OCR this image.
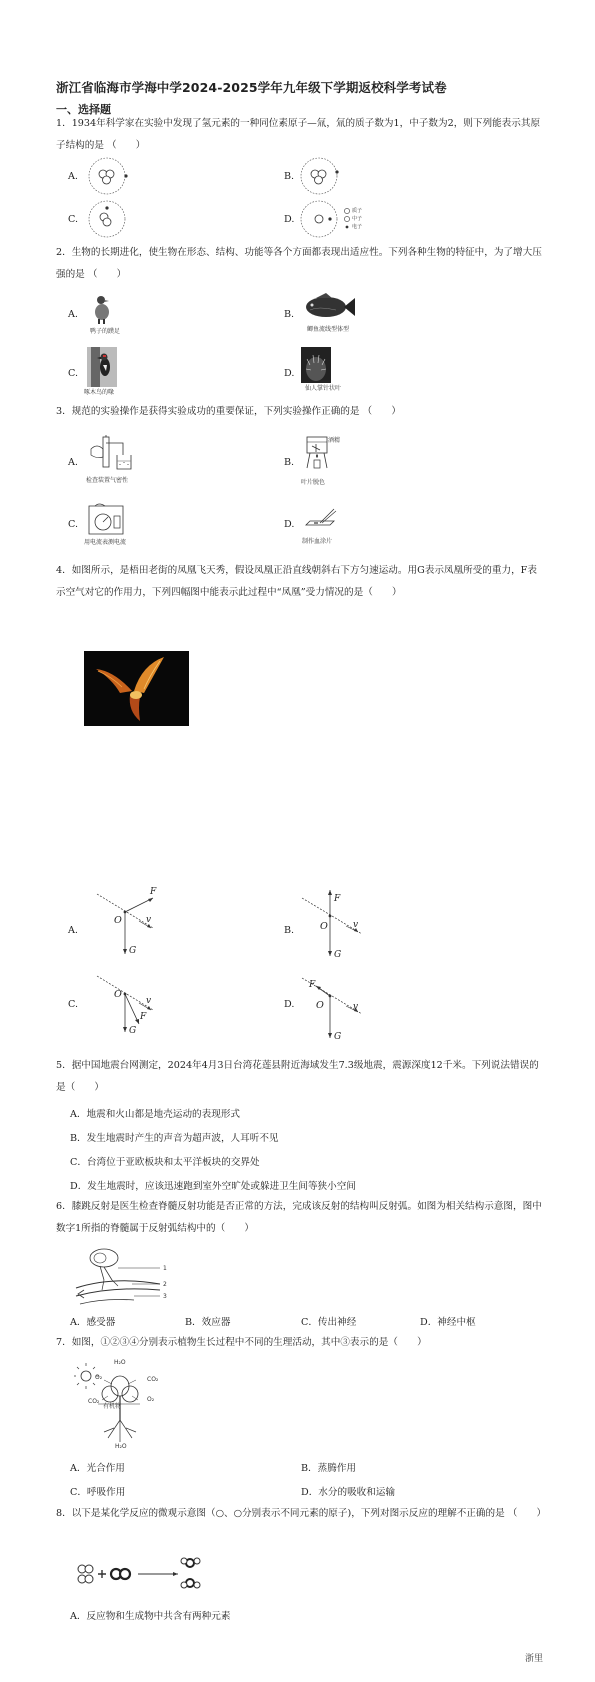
浙江省临海市学海中学2024-2025学年九年级下学期返校科学考试卷
一、选择题
1．1934年科学家在实验中发现了氢元素的一种同位素原子—氚，氚的质子数为1，中子数为2，则下列能表示其原子结构的是 （　　）
A.	B.
C.	D.
质子
中子
电子
2．生物的长期进化，使生物在形态、结构、功能等各个方面都表现出适应性。下列各种生物的特征中，为了增大压强的是 （　　）
A.
鸭子的蹼足
B.
鲫鱼流线型体型
C.
啄木鸟的喙
D.
仙人掌针状叶
3．规范的实验操作是获得实验成功的重要保证，下列实验操作正确的是 （　　）
A.
检查装置气密性
B.
酒精
叶片脱色
C.
用电流表测电流
D.
制作血涂片
4．如图所示，是梧田老街的凤凰飞天秀，假设凤凰正沿直线朝斜右下方匀速运动。用G表示凤凰所受的重力，F表示空气对它的作用力，下列四幅图中能表示此过程中“凤凰”受力情况的是（　　）
A.
O
F
G
v
B.	O
F
G
v
C.
O
F
G
v	D. O
F
G
v
5．据中国地震台网测定，2024年4月3日台湾花莲县附近海域发生7.3级地震，震源深度12千米。下列说法错误的是（　　）
A．地震和火山都是地壳运动的表现形式
B．发生地震时产生的声音为超声波，人耳听不见
C．台湾位于亚欧板块和太平洋板块的交界处
D．发生地震时，应该迅速跑到室外空旷处或躲进卫生间等狭小空间
6．膝跳反射是医生检查脊髓反射功能是否正常的方法，完成该反射的结构叫反射弧。如图为相关结构示意图，图中数字1所指的脊髓属于反射弧结构中的（　　）
1
2
3
A．感受器	B．效应器	C．传出神经	D．神经中枢
7．如图，①②③④分别表示植物生长过程中不同的生理活动，其中③表示的是（　　）
H₂O
CO₂
O₂
有机物
H₂O
O₂
CO₂
A．光合作用	B．蒸腾作用
C．呼吸作用	D．水分的吸收和运输
8．以下是某化学反应的微观示意图（○、○分别表示不同元素的原子)，下列对图示反应的理解不正确的是 （　　）
A．反应物和生成物中共含有两种元素
浙里
